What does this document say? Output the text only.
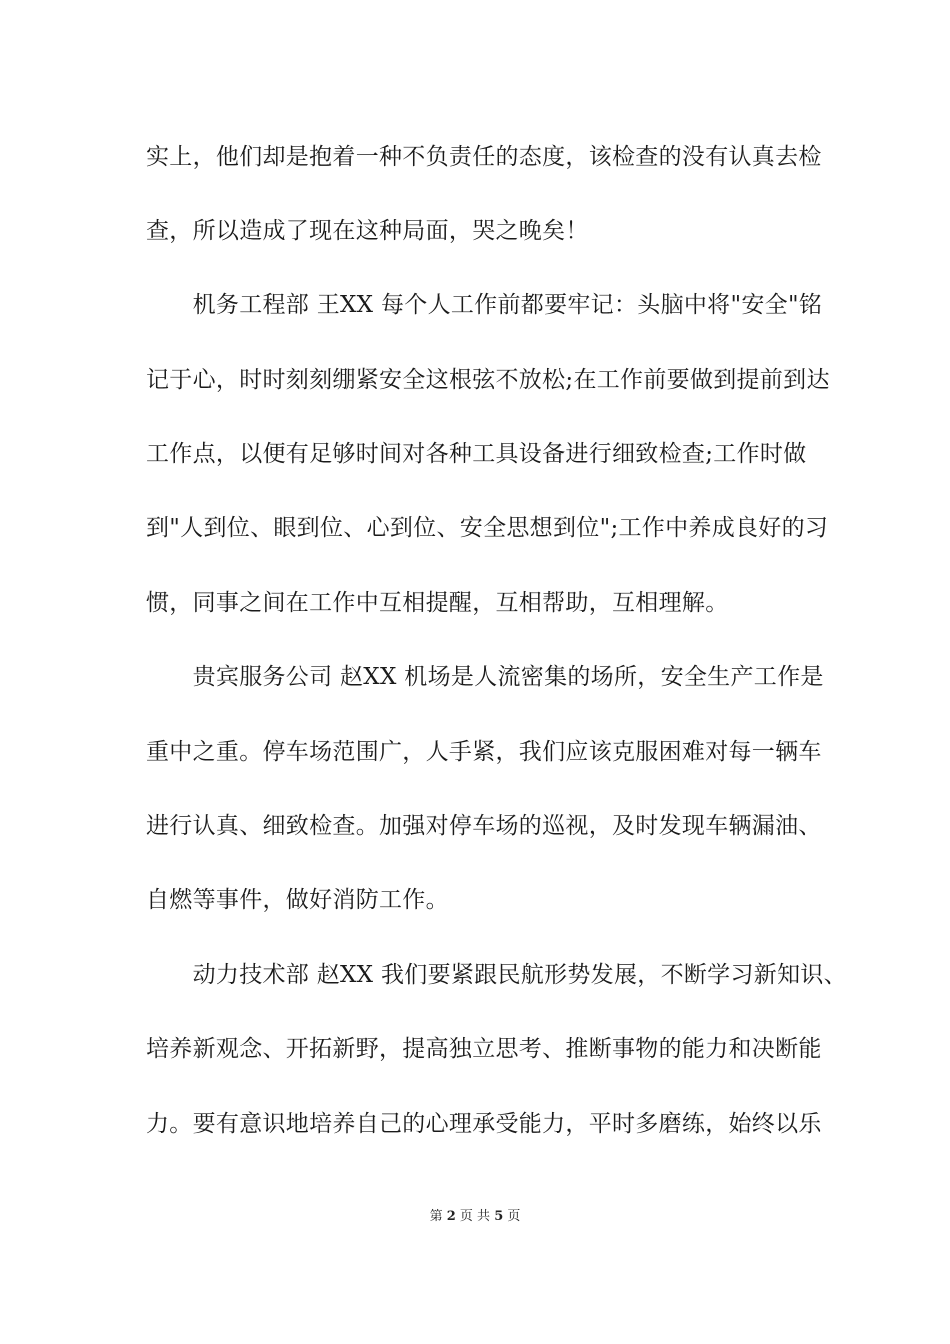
实上，他们却是抱着一种不负责任的态度，该检查的没有认真去检
查，所以造成了现在这种局面，哭之晚矣！
　　机务工程部 王XX 每个人工作前都要牢记：头脑中将"安全"铭
记于心，时时刻刻绷紧安全这根弦不放松;在工作前要做到提前到达
工作点，以便有足够时间对各种工具设备进行细致检查;工作时做
到"人到位、眼到位、心到位、安全思想到位";工作中养成良好的习
惯，同事之间在工作中互相提醒，互相帮助，互相理解。
　　贵宾服务公司 赵XX 机场是人流密集的场所，安全生产工作是
重中之重。停车场范围广，人手紧，我们应该克服困难对每一辆车
进行认真、细致检查。加强对停车场的巡视，及时发现车辆漏油、
自燃等事件，做好消防工作。
　　动力技术部 赵XX 我们要紧跟民航形势发展，不断学习新知识、
培养新观念、开拓新野，提高独立思考、推断事物的能力和决断能
力。要有意识地培养自己的心理承受能力，平时多磨练，始终以乐
第 2 页 共 5 页
